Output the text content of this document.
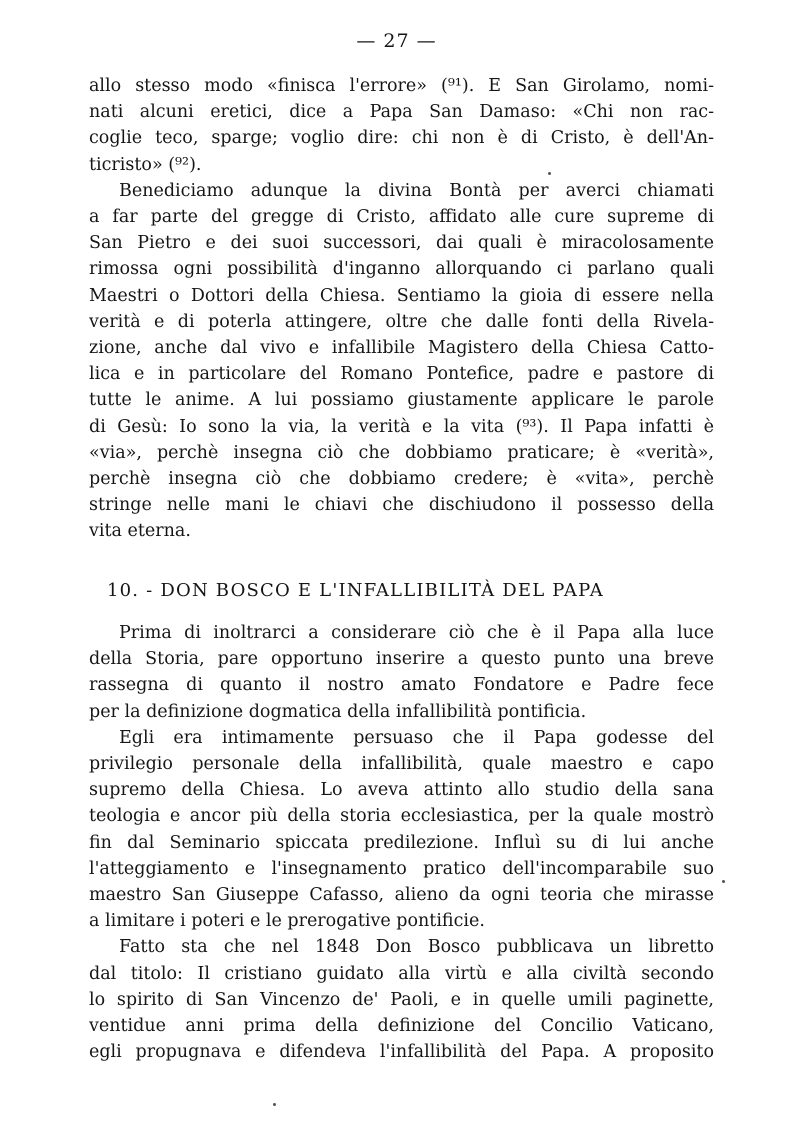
— 27 —
allo stesso modo «finisca l'errore» (⁹¹). E San Girolamo, nomi-
nati alcuni eretici, dice a Papa San Damaso: «Chi non rac-
coglie teco, sparge; voglio dire: chi non è di Cristo, è dell'An-
ticristo» (⁹²).
Benediciamo adunque la divina Bontà per averci chiamati
a far parte del gregge di Cristo, affidato alle cure supreme di
San Pietro e dei suoi successori, dai quali è miracolosamente
rimossa ogni possibilità d'inganno allorquando ci parlano quali
Maestri o Dottori della Chiesa. Sentiamo la gioia di essere nella
verità e di poterla attingere, oltre che dalle fonti della Rivela-
zione, anche dal vivo e infallibile Magistero della Chiesa Catto-
lica e in particolare del Romano Pontefice, padre e pastore di
tutte le anime. A lui possiamo giustamente applicare le parole
di Gesù: Io sono la via, la verità e la vita (⁹³). Il Papa infatti è
«via», perchè insegna ciò che dobbiamo praticare; è «verità»,
perchè insegna ciò che dobbiamo credere; è «vita», perchè
stringe nelle mani le chiavi che dischiudono il possesso della
vita eterna.
10. - DON BOSCO E L'INFALLIBILITÀ DEL PAPA
Prima di inoltrarci a considerare ciò che è il Papa alla luce
della Storia, pare opportuno inserire a questo punto una breve
rassegna di quanto il nostro amato Fondatore e Padre fece
per la definizione dogmatica della infallibilità pontificia.
Egli era intimamente persuaso che il Papa godesse del
privilegio personale della infallibilità, quale maestro e capo
supremo della Chiesa. Lo aveva attinto allo studio della sana
teologia e ancor più della storia ecclesiastica, per la quale mostrò
fin dal Seminario spiccata predilezione. Influì su di lui anche
l'atteggiamento e l'insegnamento pratico dell'incomparabile suo
maestro San Giuseppe Cafasso, alieno da ogni teoria che mirasse
a limitare i poteri e le prerogative pontificie.
Fatto sta che nel 1848 Don Bosco pubblicava un libretto
dal titolo: Il cristiano guidato alla virtù e alla civiltà secondo
lo spirito di San Vincenzo de' Paoli, e in quelle umili paginette,
ventidue anni prima della definizione del Concilio Vaticano,
egli propugnava e difendeva l'infallibilità del Papa. A proposito
